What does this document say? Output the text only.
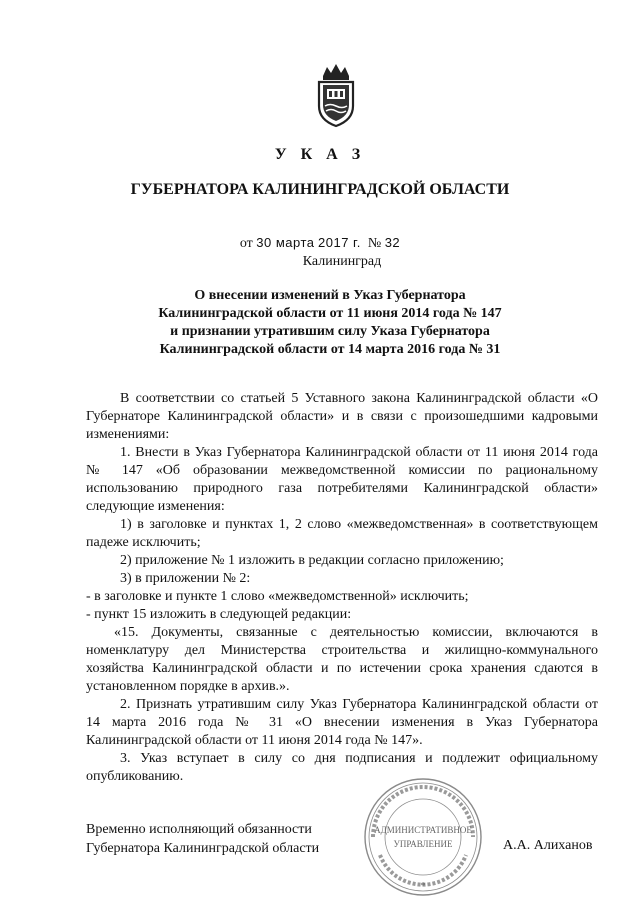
У К А З
ГУБЕРНАТОРА КАЛИНИНГРАДСКОЙ ОБЛАСТИ
от 30 марта 2017 г. № 32
Калининград
О внесении изменений в Указ Губернатора
Калининградской области от 11 июня 2014 года № 147
и признании утратившим силу Указа Губернатора
Калининградской области от 14 марта 2016 года № 31

В соответствии со статьей 5 Уставного закона Калининградской области «О Губернаторе Калининградской области» и в связи с произошедшими кадровыми изменениями:

1. Внести в Указ Губернатора Калининградской области от 11 июня 2014 года № 147 «Об образовании межведомственной комиссии по рациональному использованию природного газа потребителями Калининградской области» следующие изменения:

1) в заголовке и пунктах 1, 2 слово «межведомственная» в соответствующем падеже исключить;

2) приложение № 1 изложить в редакции согласно приложению;

3) в приложении № 2:

- в заголовке и пункте 1 слово «межведомственной» исключить;

- пункт 15 изложить в следующей редакции:

«15. Документы, связанные с деятельностью комиссии, включаются в номенклатуру дел Министерства строительства и жилищно-коммунального хозяйства Калининградской области и по истечении срока хранения сдаются в установленном порядке в архив.».

2. Признать утратившим силу Указ Губернатора Калининградской области от 14 марта 2016 года № 31 «О внесении изменения в Указ Губернатора Калининградской области от 11 июня 2014 года № 147».

3. Указ вступает в силу со дня подписания и подлежит официальному опубликованию.

АДМИНИСТРАТИВНОЕ
УПРАВЛЕНИЕ
*
Временно исполняющий обязанности
Губернатора Калининградской области	А.А. Алиханов
